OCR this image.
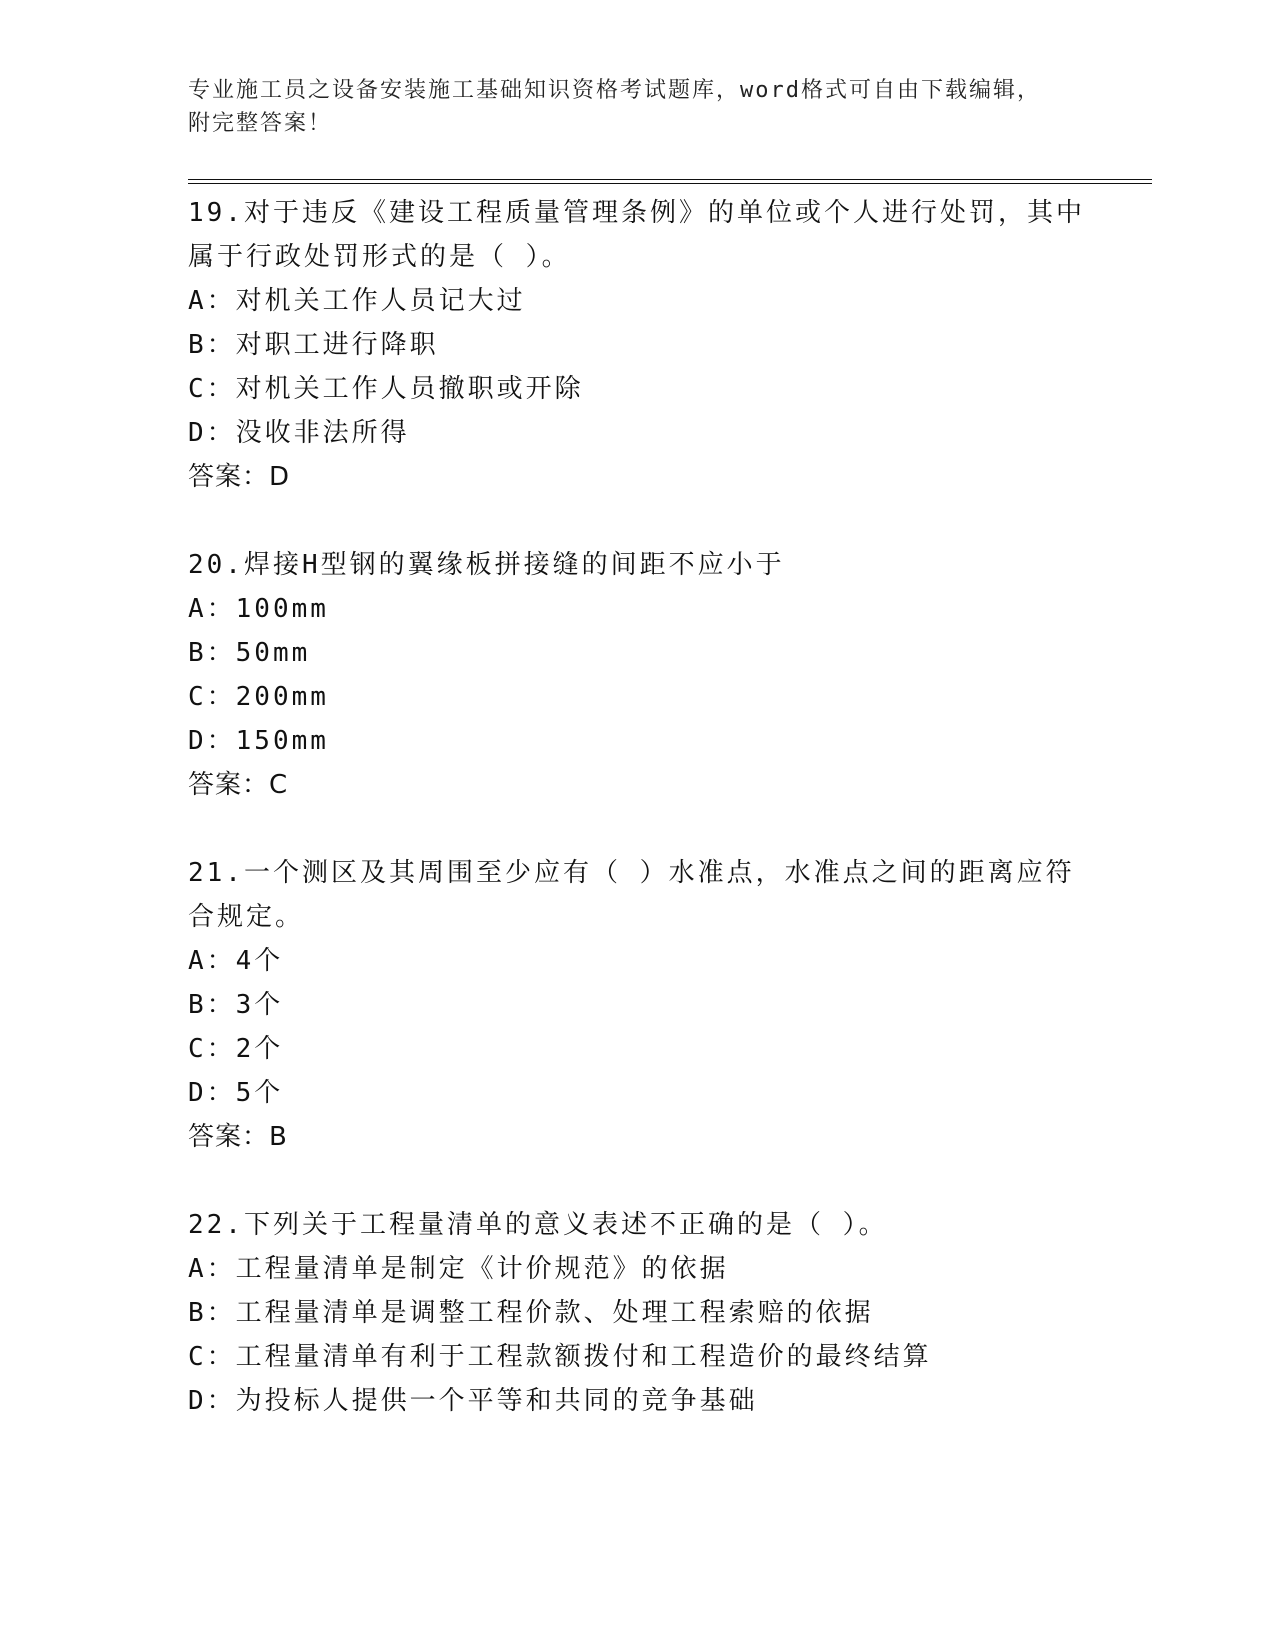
专业施工员之设备安装施工基础知识资格考试题库，word格式可自由下载编辑，
附完整答案！
19.对于违反《建设工程质量管理条例》的单位或个人进行处罚，其中
属于行政处罚形式的是（ ）。
A：对机关工作人员记大过
B：对职工进行降职
C：对机关工作人员撤职或开除
D：没收非法所得
答案：D
20.焊接H型钢的翼缘板拼接缝的间距不应小于
A：100mm
B：50mm
C：200mm
D：150mm
答案：C
21.一个测区及其周围至少应有（ ）水准点，水准点之间的距离应符
合规定。
A：4个
B：3个
C：2个
D：5个
答案：B
22.下列关于工程量清单的意义表述不正确的是（ ）。
A：工程量清单是制定《计价规范》的依据
B：工程量清单是调整工程价款、处理工程索赔的依据
C：工程量清单有利于工程款额拨付和工程造价的最终结算
D：为投标人提供一个平等和共同的竞争基础
